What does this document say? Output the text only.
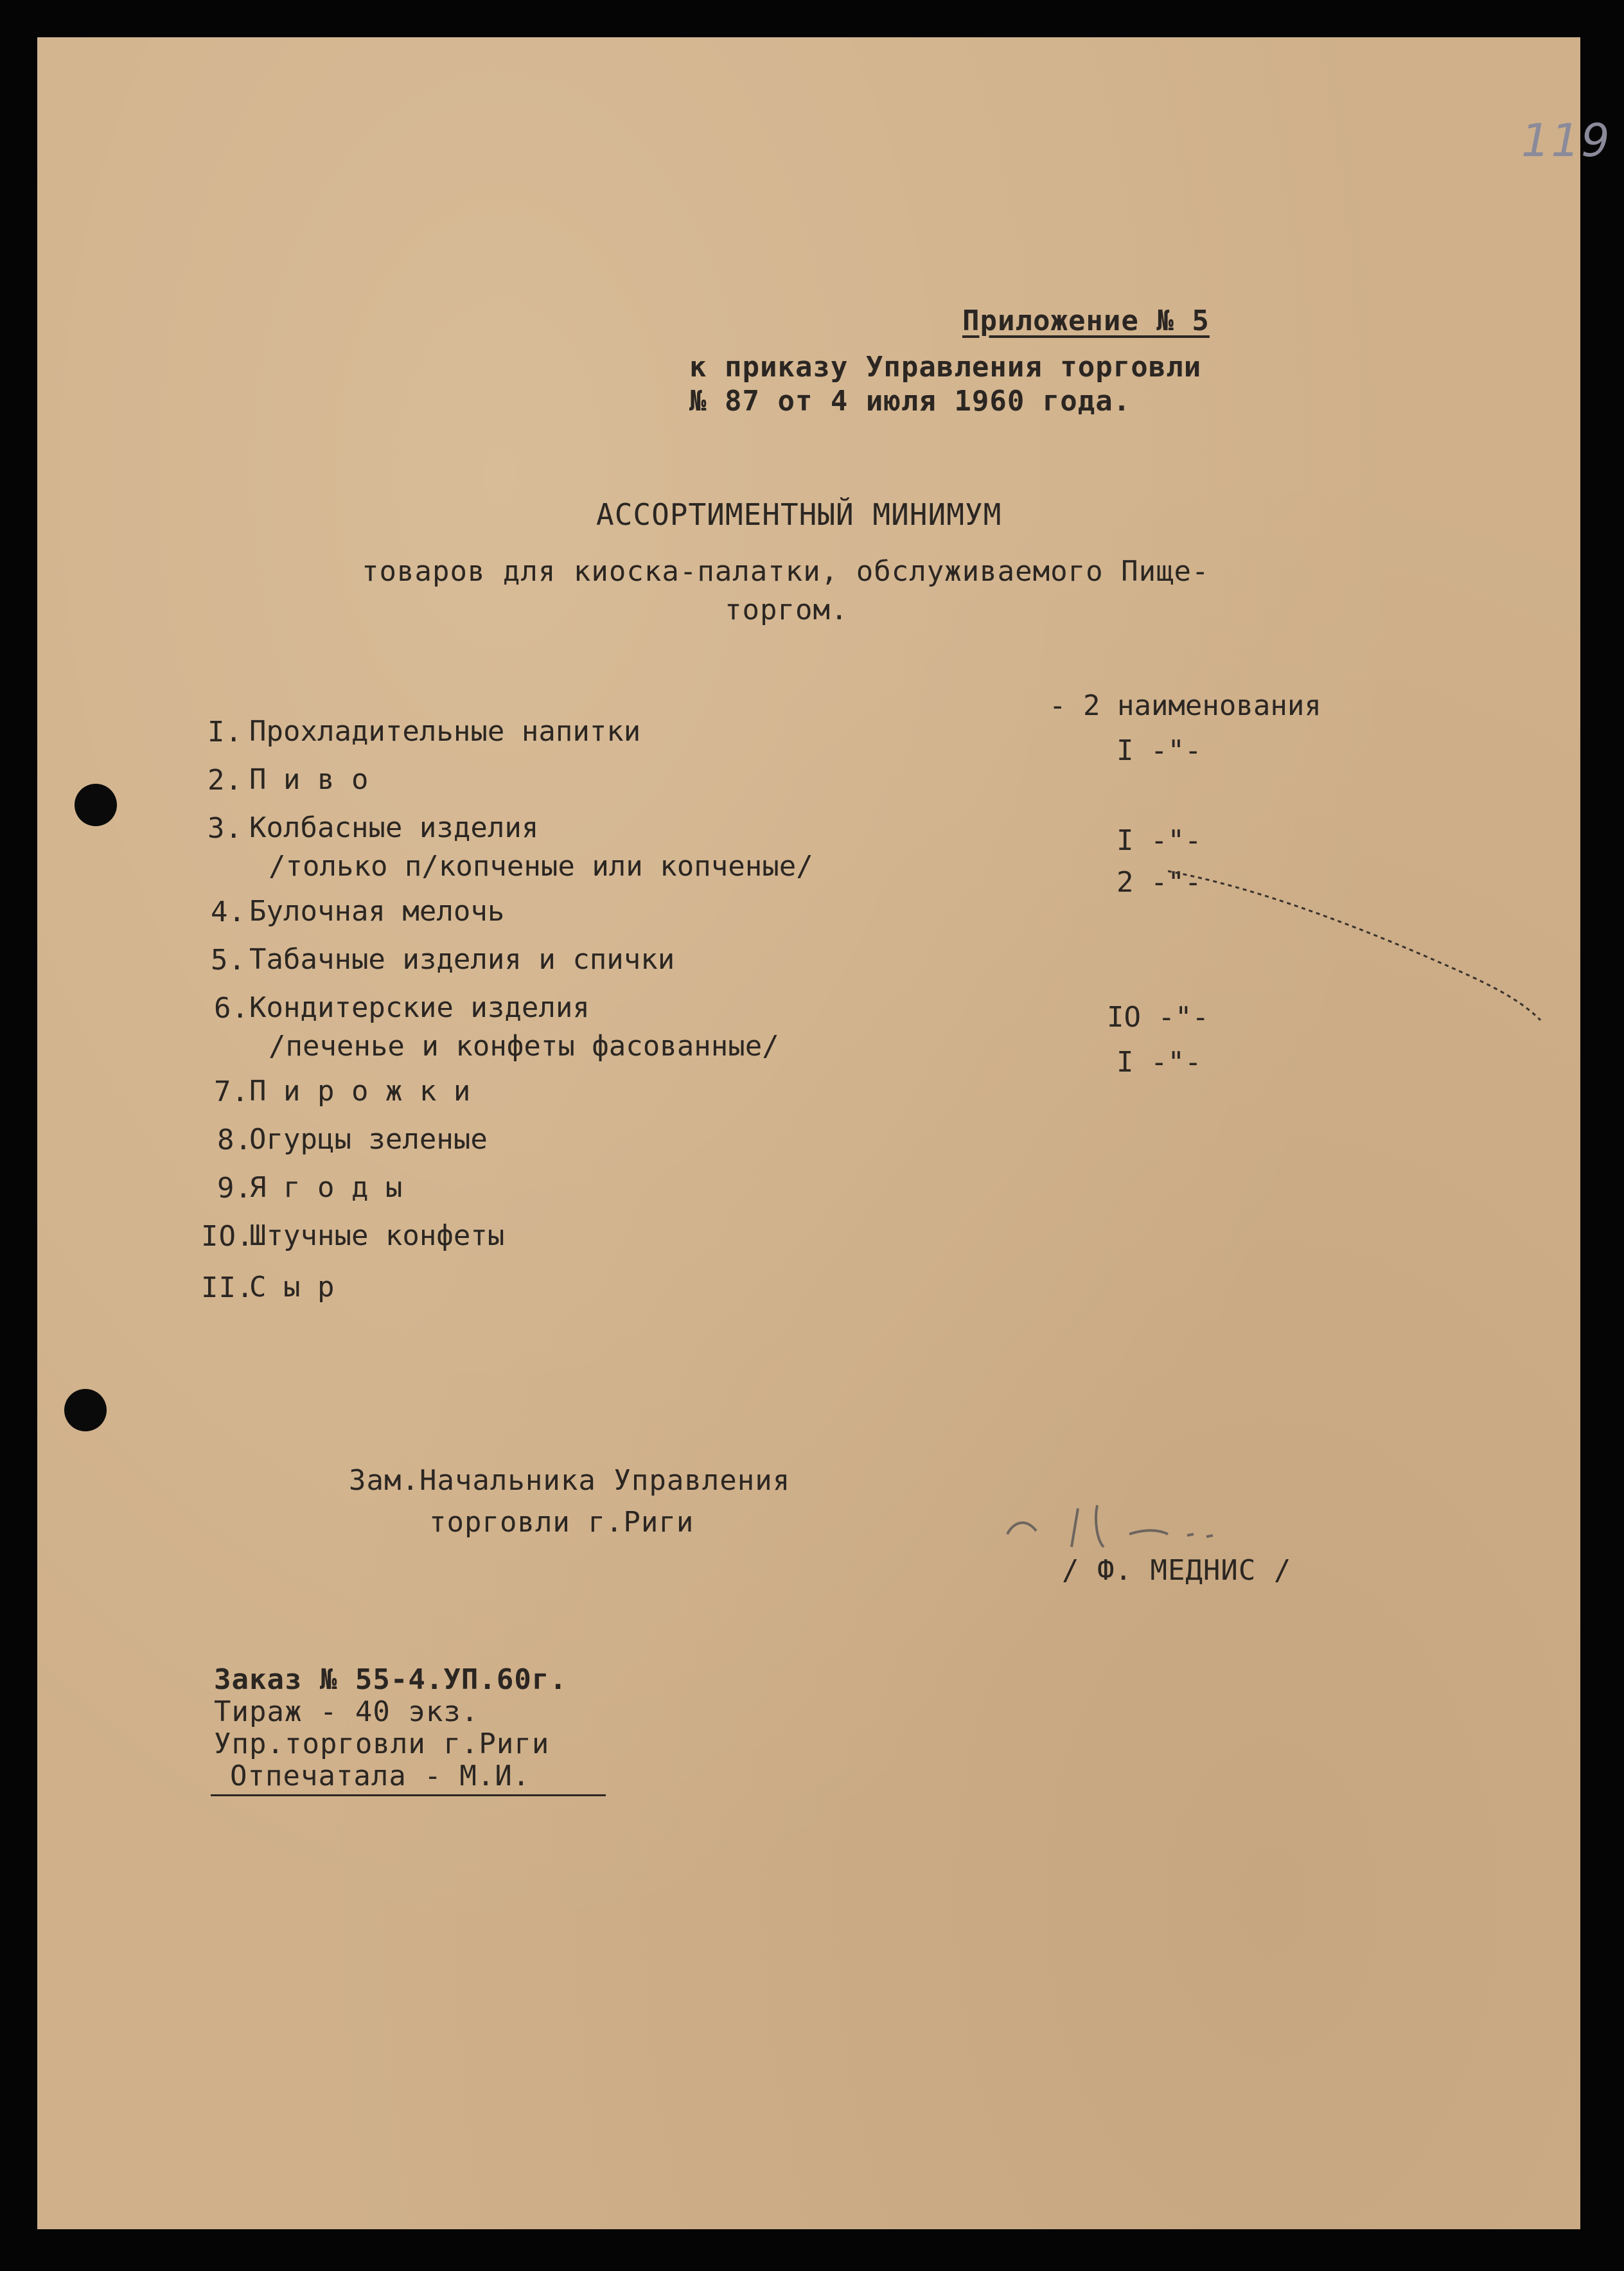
119
Приложение № 5
к приказу Управления торговли
№ 87 от 4 июля 1960 года.
АССОРТИМЕНТНЫЙ МИНИМУМ
товаров для киоска-палатки, обслуживаемого Пище-
торгом.
I. Прохладительные напитки
- 2 наименования
2. П и в о
I -"-
3. Колбасные изделия
/только п/копченые или копченые/
I -"-
2 -"-
4. Булочная мелочь
5. Табачные изделия и спички
6. Кондитерские изделия
/печенье и конфеты фасованные/
IO -"-
I -"-
7. П и р о ж к и
8.
Огурцы зеленые
9.
Я г о д ы
IO.
Штучные конфеты
II.
С ы р
Зам.Начальника Управления
торговли г.Риги
/ Ф. МЕДНИС /
Заказ № 55-4.УП.60г.
Тираж - 40 экз.
Упр.торговли г.Риги
Отпечатала - М.И.
